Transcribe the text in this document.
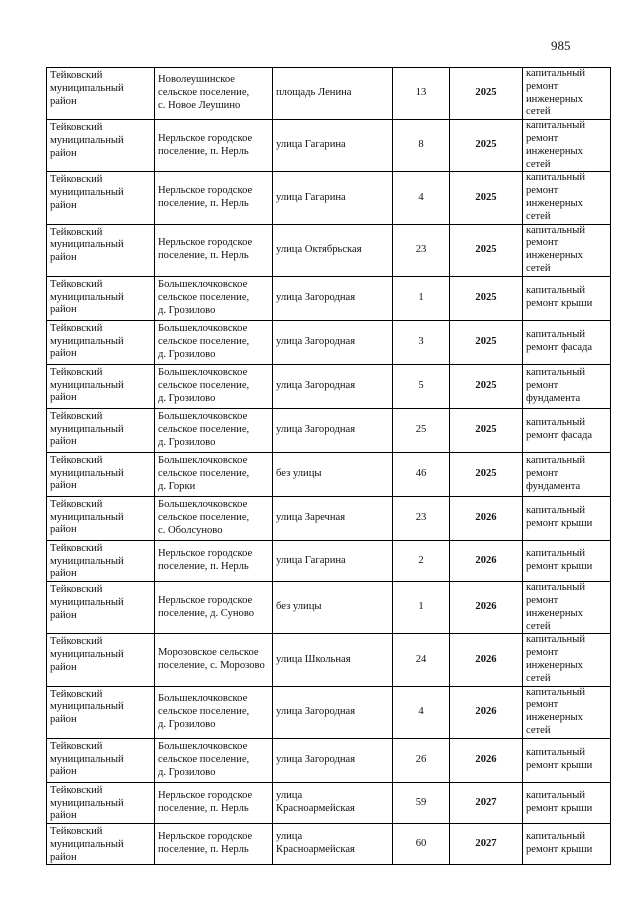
985
Тейковский
муниципальный
район	Новолеушинское
сельское поселение,
с. Новое Леушино	площадь Ленина	13	2025	капитальный
ремонт
инженерных
сетей

Тейковский
муниципальный
район	Нерльское городское
поселение, п. Нерль	улица Гагарина	8	2025	капитальный
ремонт
инженерных
сетей

Тейковский
муниципальный
район	Нерльское городское
поселение, п. Нерль	улица Гагарина	4	2025	капитальный
ремонт
инженерных
сетей

Тейковский
муниципальный
район	Нерльское городское
поселение, п. Нерль	улица Октябрьская	23	2025	капитальный
ремонт
инженерных
сетей

Тейковский
муниципальный
район	Большеклочковское
сельское поселение,
д. Грозилово	улица Загородная	1	2025	капитальный
ремонт крыши

Тейковский
муниципальный
район	Большеклочковское
сельское поселение,
д. Грозилово	улица Загородная	3	2025	капитальный
ремонт фасада

Тейковский
муниципальный
район	Большеклочковское
сельское поселение,
д. Грозилово	улица Загородная	5	2025	капитальный
ремонт
фундамента

Тейковский
муниципальный
район	Большеклочковское
сельское поселение,
д. Грозилово	улица Загородная	25	2025	капитальный
ремонт фасада

Тейковский
муниципальный
район	Большеклочковское
сельское поселение,
д. Горки	без улицы	46	2025	капитальный
ремонт
фундамента

Тейковский
муниципальный
район	Большеклочковское
сельское поселение,
с. Оболсуново	улица Заречная	23	2026	капитальный
ремонт крыши

Тейковский
муниципальный
район	Нерльское городское
поселение, п. Нерль	улица Гагарина	2	2026	капитальный
ремонт крыши

Тейковский
муниципальный
район	Нерльское городское
поселение, д. Суново	без улицы	1	2026	капитальный
ремонт
инженерных
сетей

Тейковский
муниципальный
район	Морозовское сельское
поселение, с. Морозово	улица Школьная	24	2026	капитальный
ремонт
инженерных
сетей

Тейковский
муниципальный
район	Большеклочковское
сельское поселение,
д. Грозилово	улица Загородная	4	2026	капитальный
ремонт
инженерных
сетей

Тейковский
муниципальный
район	Большеклочковское
сельское поселение,
д. Грозилово	улица Загородная	26	2026	капитальный
ремонт крыши

Тейковский
муниципальный
район	Нерльское городское
поселение, п. Нерль	улица
Красноармейская	59	2027	капитальный
ремонт крыши

Тейковский
муниципальный
район	Нерльское городское
поселение, п. Нерль	улица
Красноармейская	60	2027	капитальный
ремонт крыши
